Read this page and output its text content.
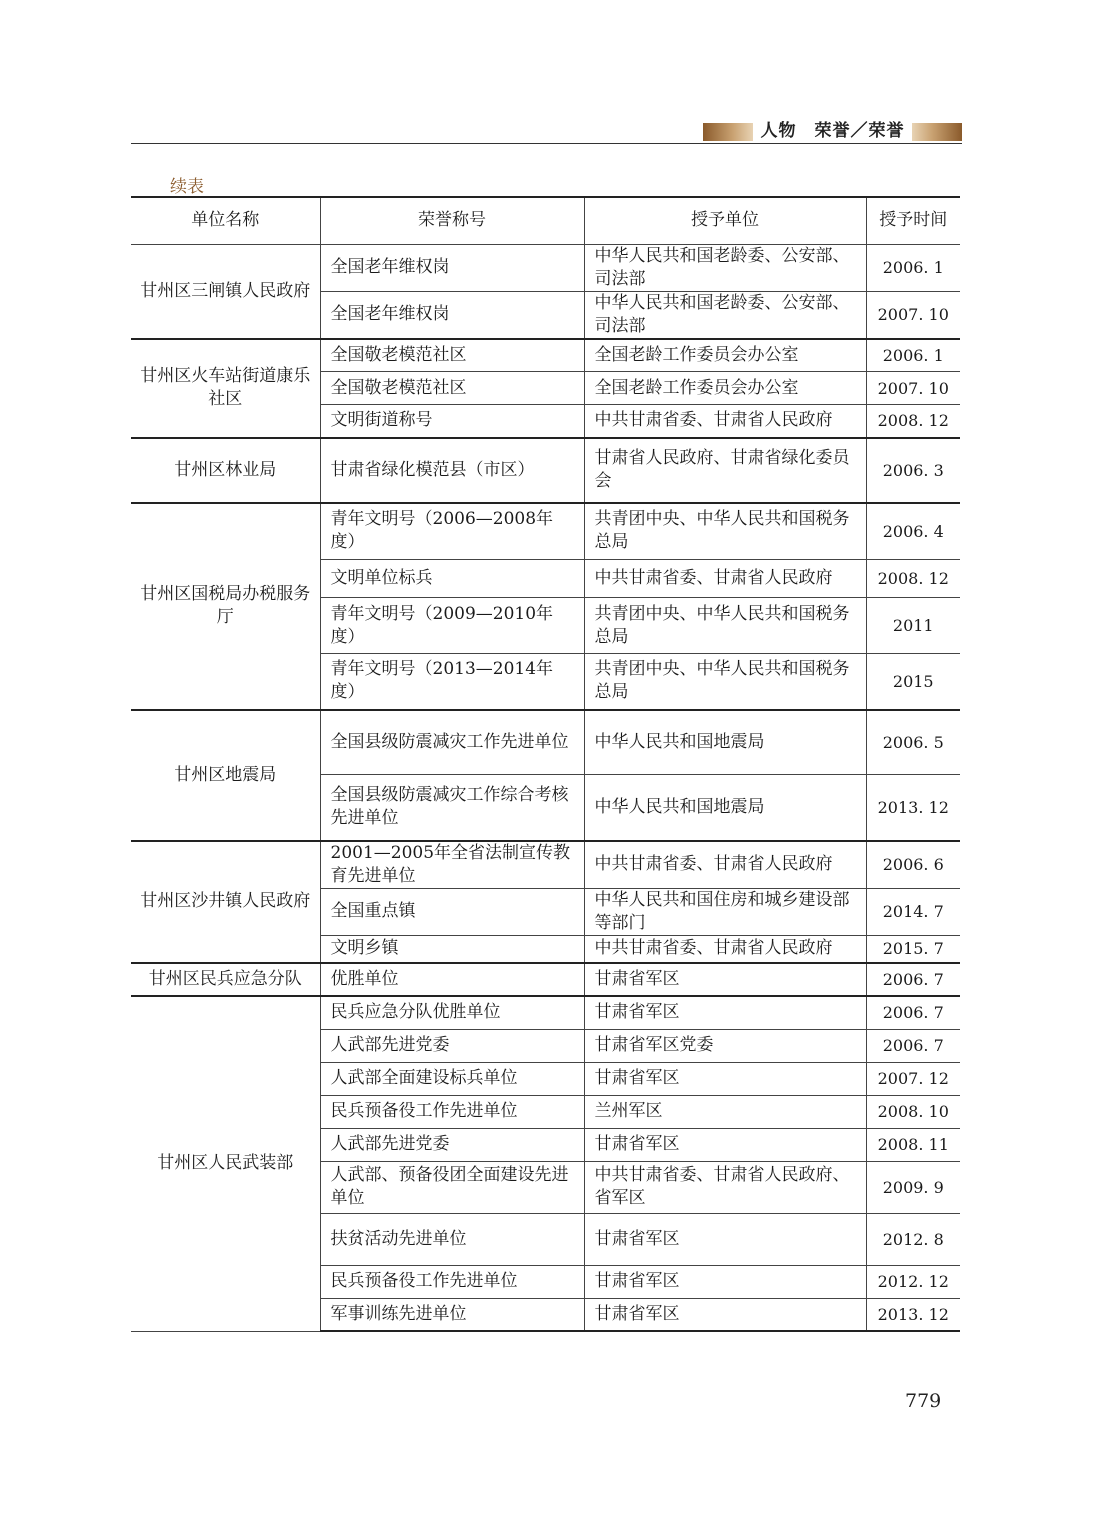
人物　荣誉／荣誉
续表
单位名称	荣誉称号	授予单位	授予时间
甘州区三闸镇人民政府	全国老年维权岗	中华人民共和国老龄委、公安部、司法部	2006. 1
	全国老年维权岗	中华人民共和国老龄委、公安部、司法部	2007. 10
甘州区火车站街道康乐社区	全国敬老模范社区	全国老龄工作委员会办公室	2006. 1
	全国敬老模范社区	全国老龄工作委员会办公室	2007. 10
	文明街道称号	中共甘肃省委、甘肃省人民政府	2008. 12
甘州区林业局	甘肃省绿化模范县（市区）	甘肃省人民政府、甘肃省绿化委员会	2006. 3
甘州区国税局办税服务厅	青年文明号（2006—2008年度）	共青团中央、中华人民共和国税务总局	2006. 4
	文明单位标兵	中共甘肃省委、甘肃省人民政府	2008. 12
	青年文明号（2009—2010年度）	共青团中央、中华人民共和国税务总局	2011
	青年文明号（2013—2014年度）	共青团中央、中华人民共和国税务总局	2015
甘州区地震局	全国县级防震减灾工作先进单位	中华人民共和国地震局	2006. 5
	全国县级防震减灾工作综合考核先进单位	中华人民共和国地震局	2013. 12
甘州区沙井镇人民政府	2001—2005年全省法制宣传教育先进单位	中共甘肃省委、甘肃省人民政府	2006. 6
	全国重点镇	中华人民共和国住房和城乡建设部等部门	2014. 7
	文明乡镇	中共甘肃省委、甘肃省人民政府	2015. 7
甘州区民兵应急分队	优胜单位	甘肃省军区	2006. 7
甘州区人民武装部	民兵应急分队优胜单位	甘肃省军区	2006. 7
	人武部先进党委	甘肃省军区党委	2006. 7
	人武部全面建设标兵单位	甘肃省军区	2007. 12
	民兵预备役工作先进单位	兰州军区	2008. 10
	人武部先进党委	甘肃省军区	2008. 11
	人武部、预备役团全面建设先进单位	中共甘肃省委、甘肃省人民政府、省军区	2009. 9
	扶贫活动先进单位	甘肃省军区	2012. 8
	民兵预备役工作先进单位	甘肃省军区	2012. 12
	军事训练先进单位	甘肃省军区	2013. 12
779
